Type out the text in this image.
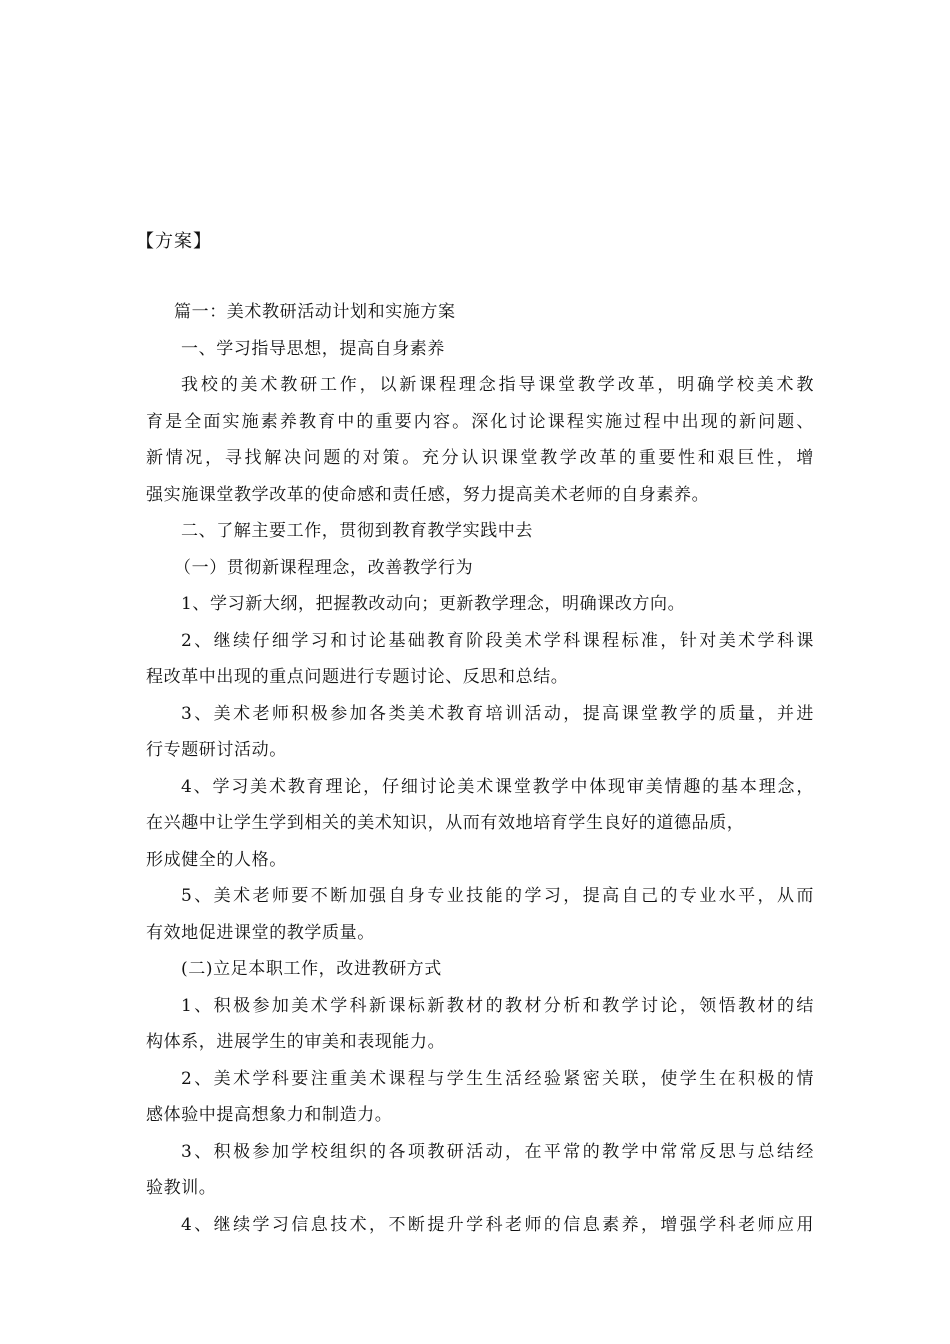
【方案】
篇一：美术教研活动计划和实施方案
一、学习指导思想，提高自身素养
我校的美术教研工作，以新课程理念指导课堂教学改革，明确学校美术教
育是全面实施素养教育中的重要内容。深化讨论课程实施过程中出现的新问题、
新情况，寻找解决问题的对策。充分认识课堂教学改革的重要性和艰巨性，增
强实施课堂教学改革的使命感和责任感，努力提高美术老师的自身素养。
二、了解主要工作，贯彻到教育教学实践中去
（一）贯彻新课程理念，改善教学行为
1、学习新大纲，把握教改动向；更新教学理念，明确课改方向。
2、继续仔细学习和讨论基础教育阶段美术学科课程标准，针对美术学科课
程改革中出现的重点问题进行专题讨论、反思和总结。
3、美术老师积极参加各类美术教育培训活动，提高课堂教学的质量，并进
行专题研讨活动。
4、学习美术教育理论，仔细讨论美术课堂教学中体现审美情趣的基本理念，
在兴趣中让学生学到相关的美术知识，从而有效地培育学生良好的道德品质，
形成健全的人格。
5、美术老师要不断加强自身专业技能的学习，提高自己的专业水平，从而
有效地促进课堂的教学质量。
(二)立足本职工作，改进教研方式
1、积极参加美术学科新课标新教材的教材分析和教学讨论，领悟教材的结
构体系，进展学生的审美和表现能力。
2、美术学科要注重美术课程与学生生活经验紧密关联，使学生在积极的情
感体验中提高想象力和制造力。
3、积极参加学校组织的各项教研活动，在平常的教学中常常反思与总结经
验教训。
4、继续学习信息技术，不断提升学科老师的信息素养，增强学科老师应用
